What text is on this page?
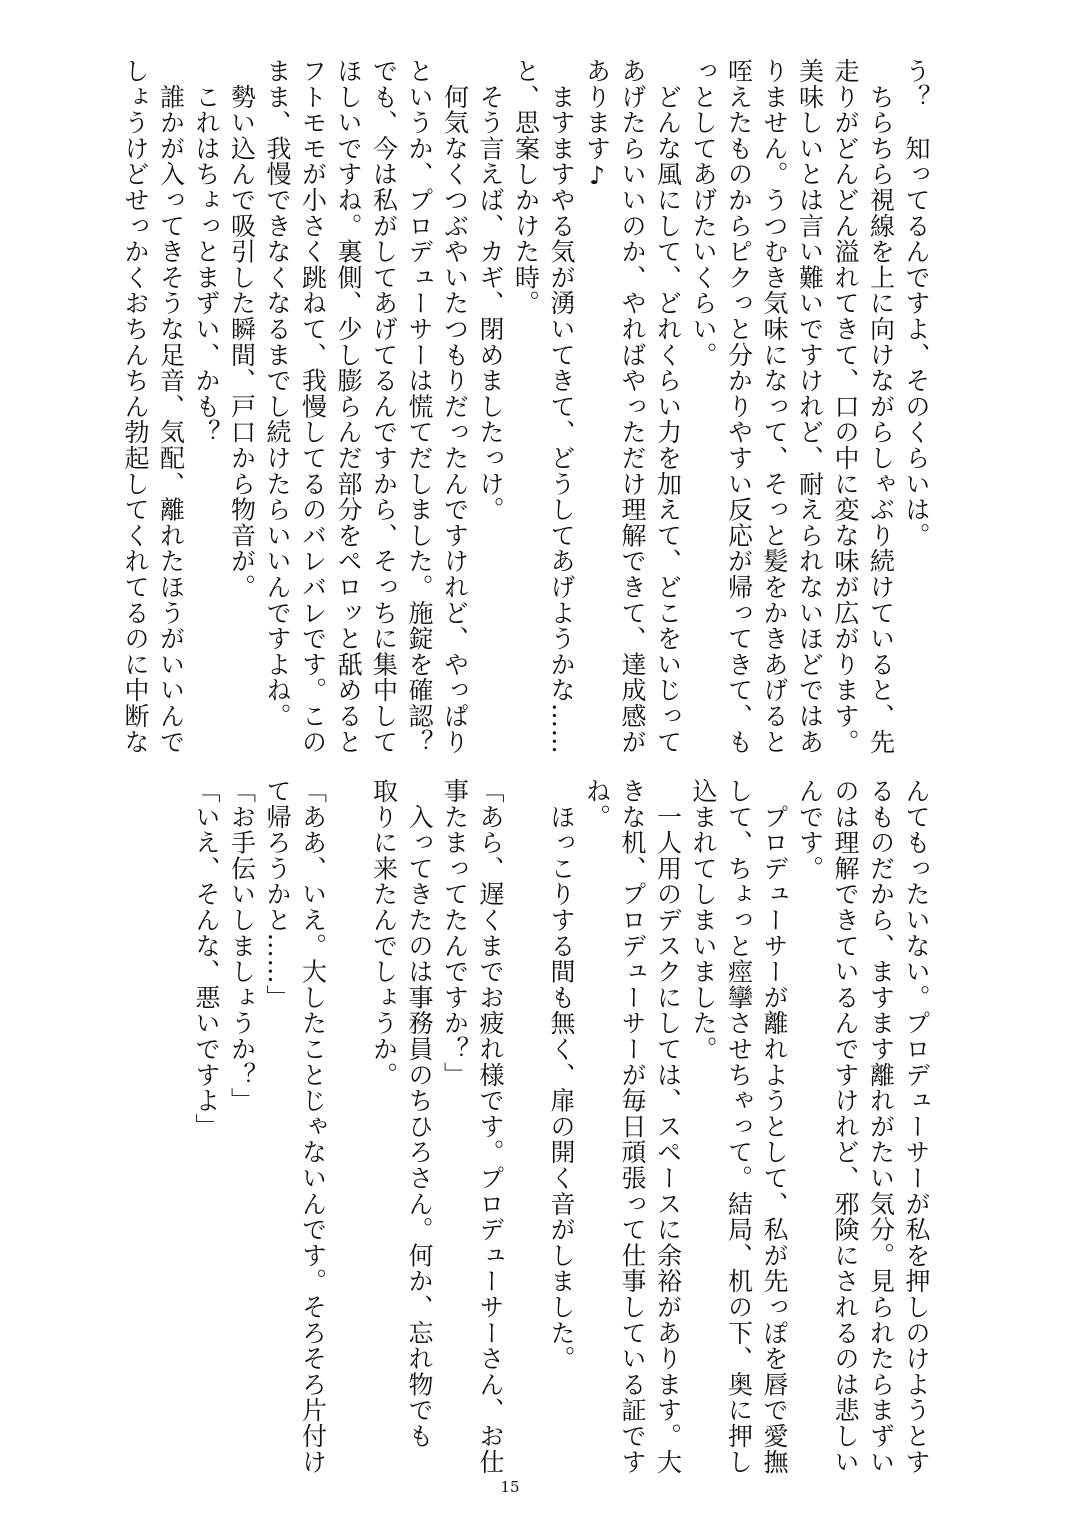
う？　知ってるんですよ、そのくらいは。
　ちらちら視線を上に向けながらしゃぶり続けていると、先
走りがどんどん溢れてきて、口の中に変な味が広がります。
美味しいとは言い難いですけれど、耐えられないほどではあ
りません。うつむき気味になって、そっと髪をかきあげると
咥えたものからピクっと分かりやすい反応が帰ってきて、も
っとしてあげたいくらい。
　どんな風にして、どれくらい力を加えて、どこをいじって
あげたらいいのか、やればやっただけ理解できて、達成感が
あります♪
　ますますやる気が湧いてきて、どうしてあげようかな……
と、思案しかけた時。
　そう言えば、カギ、閉めましたっけ。
　何気なくつぶやいたつもりだったんですけれど、やっぱり
というか、プロデューサーは慌てだしました。施錠を確認？
でも、今は私がしてあげてるんですから、そっちに集中して
ほしいですね。裏側、少し膨らんだ部分をペロッと舐めると
フトモモが小さく跳ねて、我慢してるのバレバレです。この
まま、我慢できなくなるまでし続けたらいいんですよね。
　勢い込んで吸引した瞬間、戸口から物音が。
　これはちょっとまずい、かも？
　誰かが入ってきそうな足音、気配、離れたほうがいいんで
しょうけどせっかくおちんちん勃起してくれてるのに中断な
んてもったいない。プロデューサーが私を押しのけようとす
るものだから、ますます離れがたい気分。見られたらまずい
のは理解できているんですけれど、邪険にされるのは悲しい
んです。
　プロデューサーが離れようとして、私が先っぽを唇で愛撫
して、ちょっと痙攣させちゃって。結局、机の下、奥に押し
込まれてしまいました。
　一人用のデスクにしては、スペースに余裕があります。大
きな机、プロデューサーが毎日頑張って仕事している証です
ね。
　ほっこりする間も無く、扉の開く音がしました。

「あら、遅くまでお疲れ様です。プロデューサーさん、お仕
事たまってたんですか？」
　入ってきたのは事務員のちひろさん。何か、忘れ物でも
取りに来たんでしょうか。

「ああ、いえ。大したことじゃないんです。そろそろ片付け
て帰ろうかと……」
「お手伝いしましょうか？」
「いえ、そんな、悪いですよ」
15
